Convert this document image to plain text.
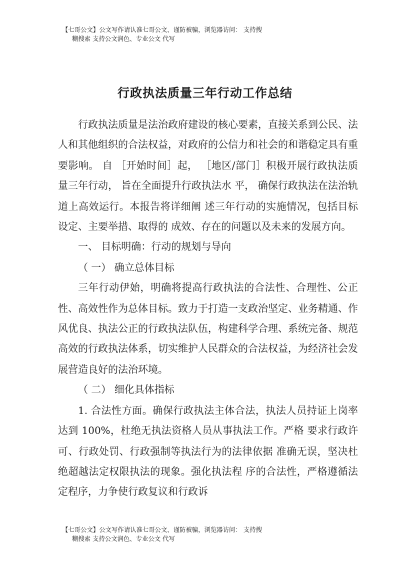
【七哥公文】公文写作请认准七哥公文、谨防被骗，浏览器访问： 支持搜
糊搜索 支持公文润色、专业公文 代写
行政执法质量三年行动工作总结

行政执法质量是法治政府建设的核心要素，直接关系到公民、法人和其他组织的合法权益，对政府的公信力和社会的和谐稳定具有重要影响。 自 ［开始时间］起， ［地区/部门］积极开展行政执法质量三年行动， 旨在全面提升行政执法水 平， 确保行政执法在法治轨道上高效运行。本报告将详细阐 述三年行动的实施情况，包括目标设定、主要举措、取得的 成效、存在的问题以及未来的发展方向。

一、 目标明确：行动的规划与导向

（ 一） 确立总体目标

三年行动伊始，明确将提高行政执法的合法性、合理性、公正性、高效性作为总体目标。致力于打造一支政治坚定、业务精通、作风优良、执法公正的行政执法队伍，构建科学合理、系统完备、规范高效的行政执法体系，切实维护人民群众的合法权益，为经济社会发展营造良好的法治环境。

（ 二） 细化具体指标

1. 合法性方面。确保行政执法主体合法，执法人员持证上岗率达到 100%，杜绝无执法资格人员从事执法工作。严格 要求行政许可、行政处罚、行政强制等执法行为的法律依据 准确无误，坚决杜绝超越法定权限执法的现象。强化执法程 序的合法性，严格遵循法定程序，力争使行政复议和行政诉

【七哥公文】公文写作请认准七哥公文、谨防被骗，浏览器访问： 支持搜
糊搜索 支持公文润色、专业公文 代写
